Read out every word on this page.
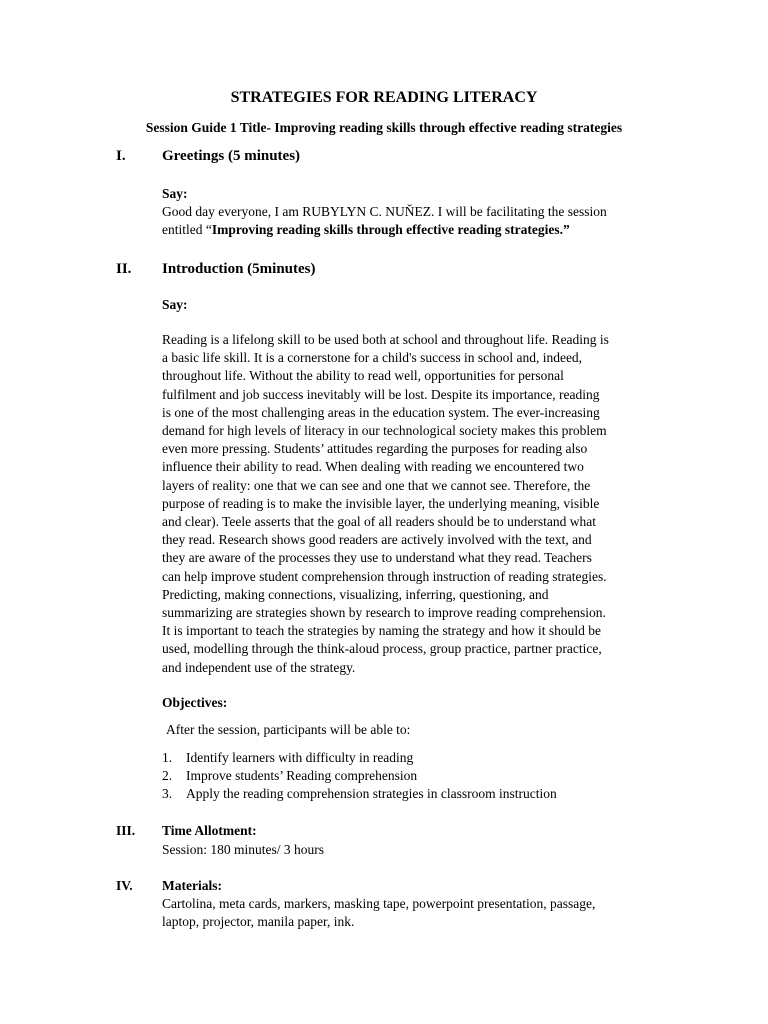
STRATEGIES FOR READING LITERACY
Session Guide 1 Title- Improving reading skills through effective reading strategies
I. Greetings (5 minutes)
Say:
Good day everyone, I am RUBYLYN C. NUŇEZ. I will be facilitating the session
entitled “Improving reading skills through effective reading strategies.”
II. Introduction (5minutes)
Say:
Reading is a lifelong skill to be used both at school and throughout life. Reading is
a basic life skill. It is a cornerstone for a child's success in school and, indeed,
throughout life. Without the ability to read well, opportunities for personal
fulfilment and job success inevitably will be lost. Despite its importance, reading
is one of the most challenging areas in the education system. The ever-increasing
demand for high levels of literacy in our technological society makes this problem
even more pressing. Students’ attitudes regarding the purposes for reading also
influence their ability to read. When dealing with reading we encountered two
layers of reality: one that we can see and one that we cannot see. Therefore, the
purpose of reading is to make the invisible layer, the underlying meaning, visible
and clear). Teele asserts that the goal of all readers should be to understand what
they read. Research shows good readers are actively involved with the text, and
they are aware of the processes they use to understand what they read. Teachers
can help improve student comprehension through instruction of reading strategies.
Predicting, making connections, visualizing, inferring, questioning, and
summarizing are strategies shown by research to improve reading comprehension.
It is important to teach the strategies by naming the strategy and how it should be
used, modelling through the think-aloud process, group practice, partner practice,
and independent use of the strategy.
Objectives:
After the session, participants will be able to:
1. Identify learners with difficulty in reading
2. Improve students’ Reading comprehension
3. Apply the reading comprehension strategies in classroom instruction
III. Time Allotment:
Session: 180 minutes/ 3 hours
IV. Materials:
Cartolina, meta cards, markers, masking tape, powerpoint presentation, passage,
laptop, projector, manila paper, ink.
